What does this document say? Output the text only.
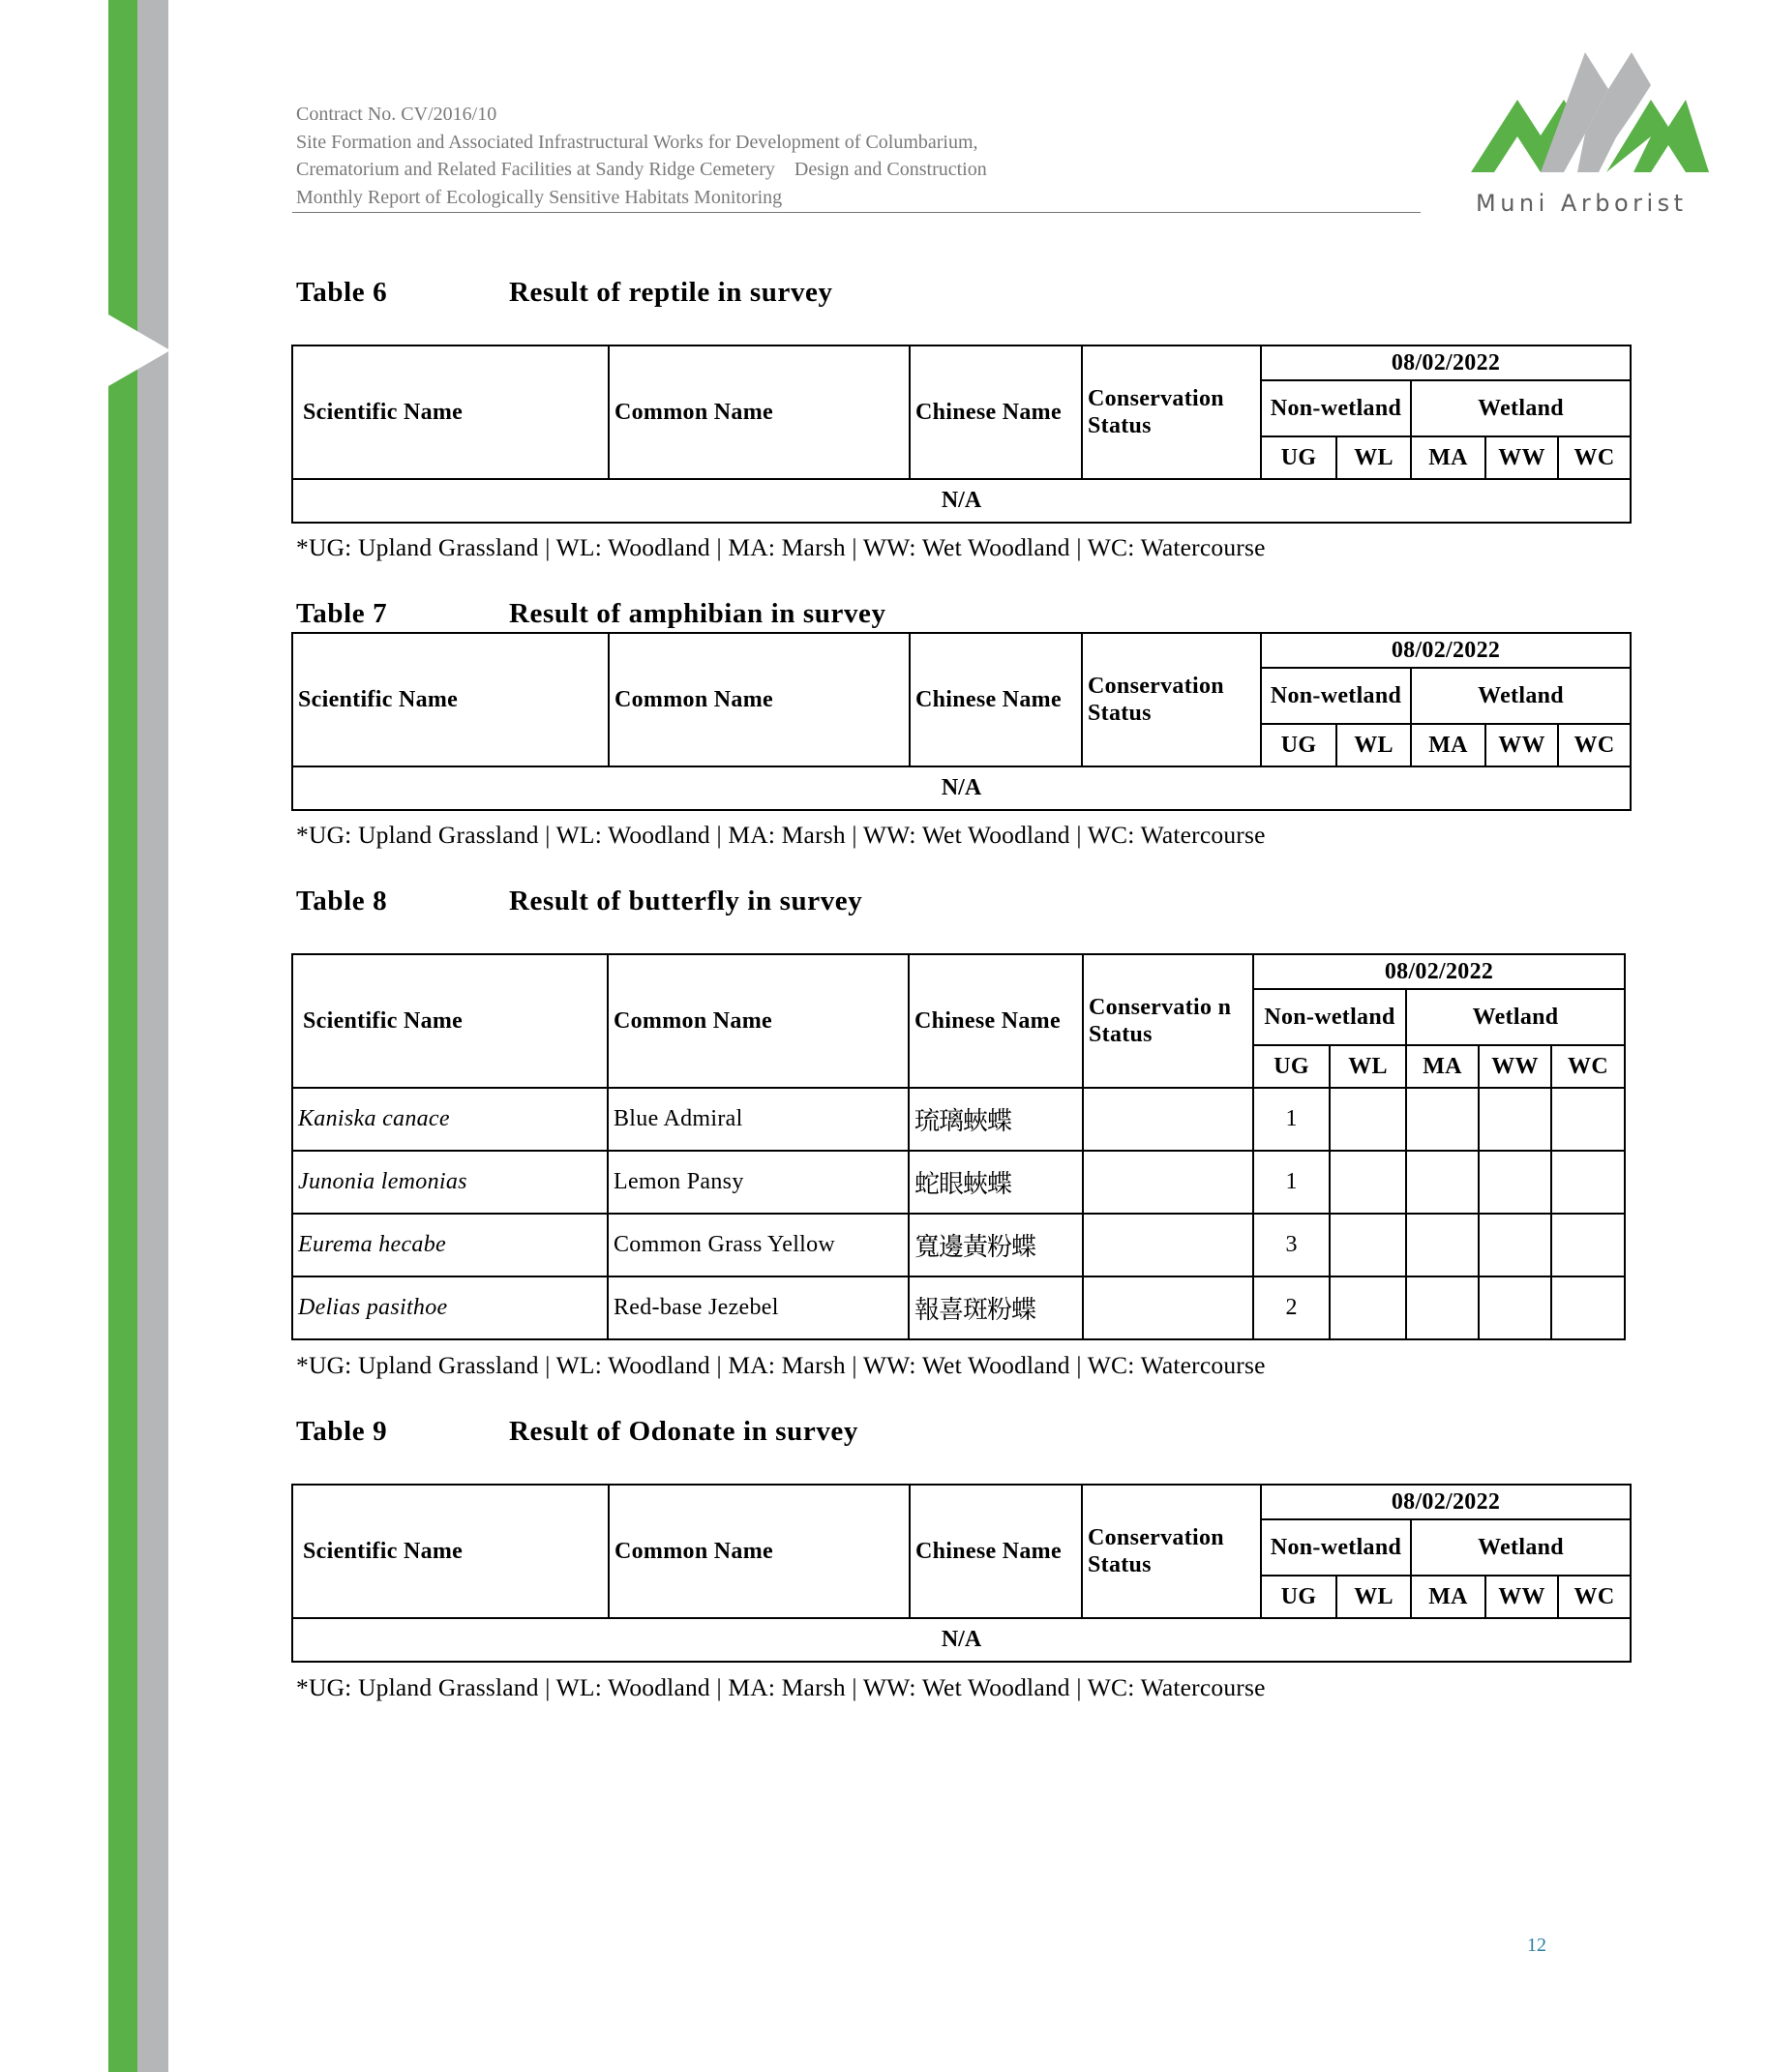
Contract No. CV/2016/10
Site Formation and Associated Infrastructural Works for Development of Columbarium,
Crematorium and Related Facilities at Sandy Ridge Cemetery    Design and Construction
Monthly Report of Ecologically Sensitive Habitats Monitoring	Muni Arborist
Table 6	Result of reptile in survey
Scientific Name	Common Name	Chinese Name	Conservation Status	08/02/2022				
				Non-wetland		Wetland		
				UG	WL	MA	WW	WC
N/A								
*UG: Upland Grassland | WL: Woodland | MA: Marsh | WW: Wet Woodland | WC: Watercourse
Table 7	Result of amphibian in survey
Scientific Name	Common Name	Chinese Name	Conservation Status	08/02/2022				
				Non-wetland		Wetland		
				UG	WL	MA	WW	WC
N/A								
*UG: Upland Grassland | WL: Woodland | MA: Marsh | WW: Wet Woodland | WC: Watercourse
Table 8	Result of butterfly in survey
Scientific Name	Common Name	Chinese Name	Conservatio n Status	08/02/2022				
				Non-wetland		Wetland		
				UG	WL	MA	WW	WC
Kaniska canace	Blue Admiral	琉璃蛺蝶		1				
Junonia lemonias	Lemon Pansy	蛇眼蛺蝶		1				
Eurema hecabe	Common Grass Yellow	寬邊黃粉蝶		3				
Delias pasithoe	Red-base Jezebel	報喜斑粉蝶		2				
*UG: Upland Grassland | WL: Woodland | MA: Marsh | WW: Wet Woodland | WC: Watercourse
Table 9	Result of Odonate in survey
Scientific Name	Common Name	Chinese Name	Conservation Status	08/02/2022				
				Non-wetland		Wetland		
				UG	WL	MA	WW	WC
N/A								
*UG: Upland Grassland | WL: Woodland | MA: Marsh | WW: Wet Woodland | WC: Watercourse
12
